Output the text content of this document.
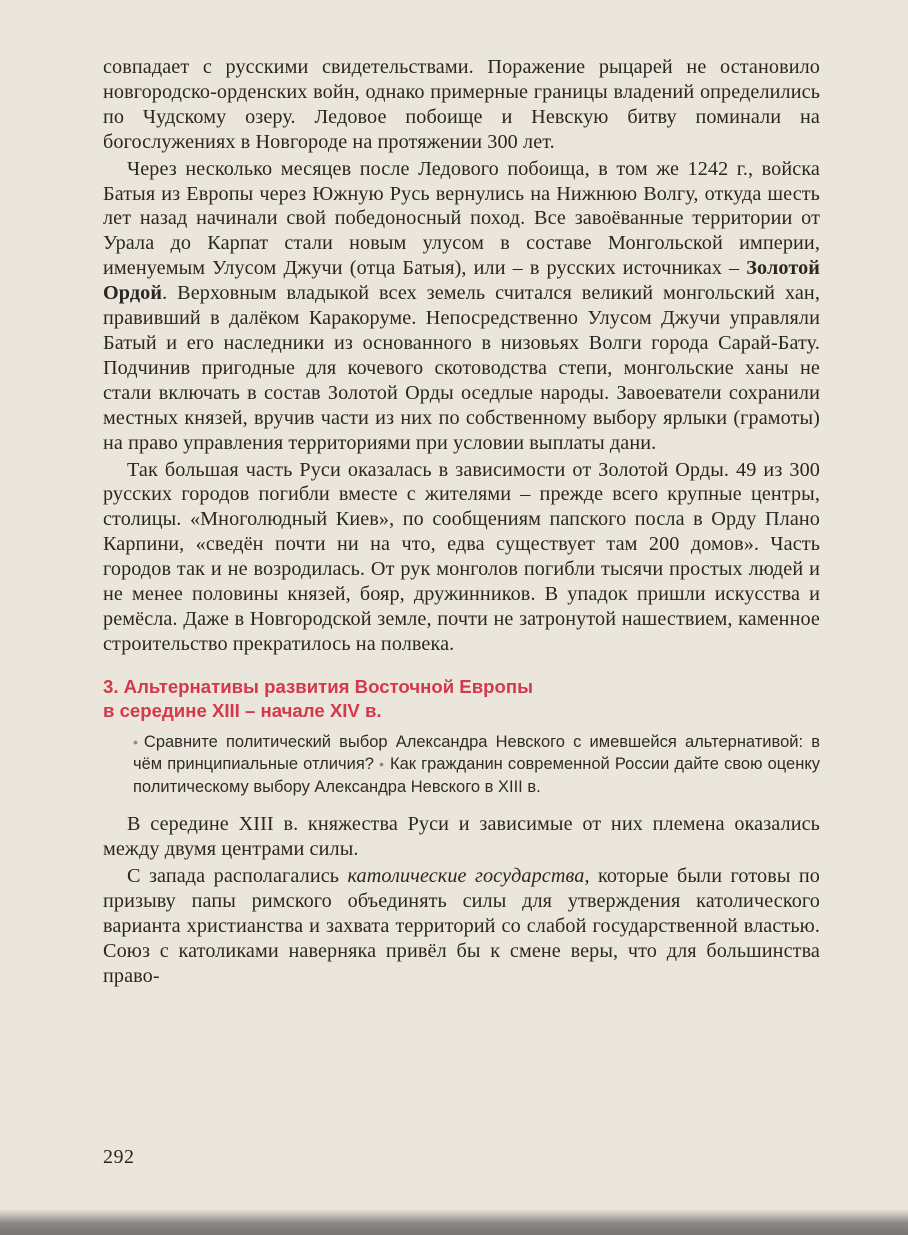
совпадает с русскими свидетельствами. Поражение рыцарей не остановило новгородско-орденских войн, однако примерные границы владений определились по Чудскому озеру. Ледовое побоище и Невскую битву поминали на богослужениях в Новгороде на протяжении 300 лет.

Через несколько месяцев после Ледового побоища, в том же 1242 г., войска Батыя из Европы через Южную Русь вернулись на Нижнюю Волгу, откуда шесть лет назад начинали свой победоносный поход. Все завоёванные территории от Урала до Карпат стали новым улусом в составе Монгольской империи, именуемым Улусом Джучи (отца Батыя), или – в русских источниках – Золотой Ордой. Верховным владыкой всех земель считался великий монгольский хан, правивший в далёком Каракоруме. Непосредственно Улусом Джучи управляли Батый и его наследники из основанного в низовьях Волги города Сарай-Бату. Подчинив пригодные для кочевого скотоводства степи, монгольские ханы не стали включать в состав Золотой Орды оседлые народы. Завоеватели сохранили местных князей, вручив части из них по собственному выбору ярлыки (грамоты) на право управления территориями при условии выплаты дани.

Так большая часть Руси оказалась в зависимости от Золотой Орды. 49 из 300 русских городов погибли вместе с жителями – прежде всего крупные центры, столицы. «Многолюдный Киев», по сообщениям папского посла в Орду Плано Карпини, «сведён почти ни на что, едва существует там 200 домов». Часть городов так и не возродилась. От рук монголов погибли тысячи простых людей и не менее половины князей, бояр, дружинников. В упадок пришли искусства и ремёсла. Даже в Новгородской земле, почти не затронутой нашествием, каменное строительство прекратилось на полвека.

3. Альтернативы развития Восточной Европы
в середине XIII – начале XIV в.
• Сравните политический выбор Александра Невского с имевшейся альтернативой: в чём принципиальные отличия? • Как гражданин современной России дайте свою оценку политическому выбору Александра Невского в XIII в.

В середине XIII в. княжества Руси и зависимые от них племена оказались между двумя центрами силы.

С запада располагались католические государства, которые были готовы по призыву папы римского объединять силы для утверждения католического варианта христианства и захвата территорий со слабой государственной властью. Союз с католиками наверняка привёл бы к смене веры, что для большинства право-

292
